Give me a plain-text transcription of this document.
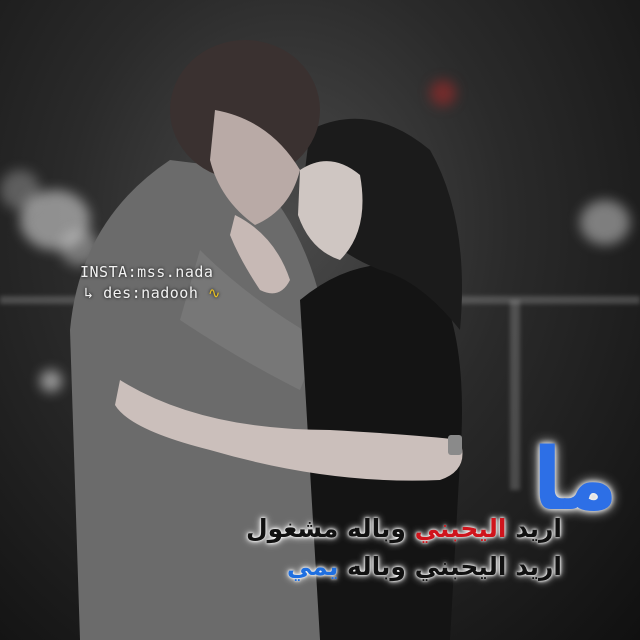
INSTA:mss.nada
↳ des:nadooh ∿
ما
اريد اليحبني وباله مشغول
اريد اليحبني وباله يمي
